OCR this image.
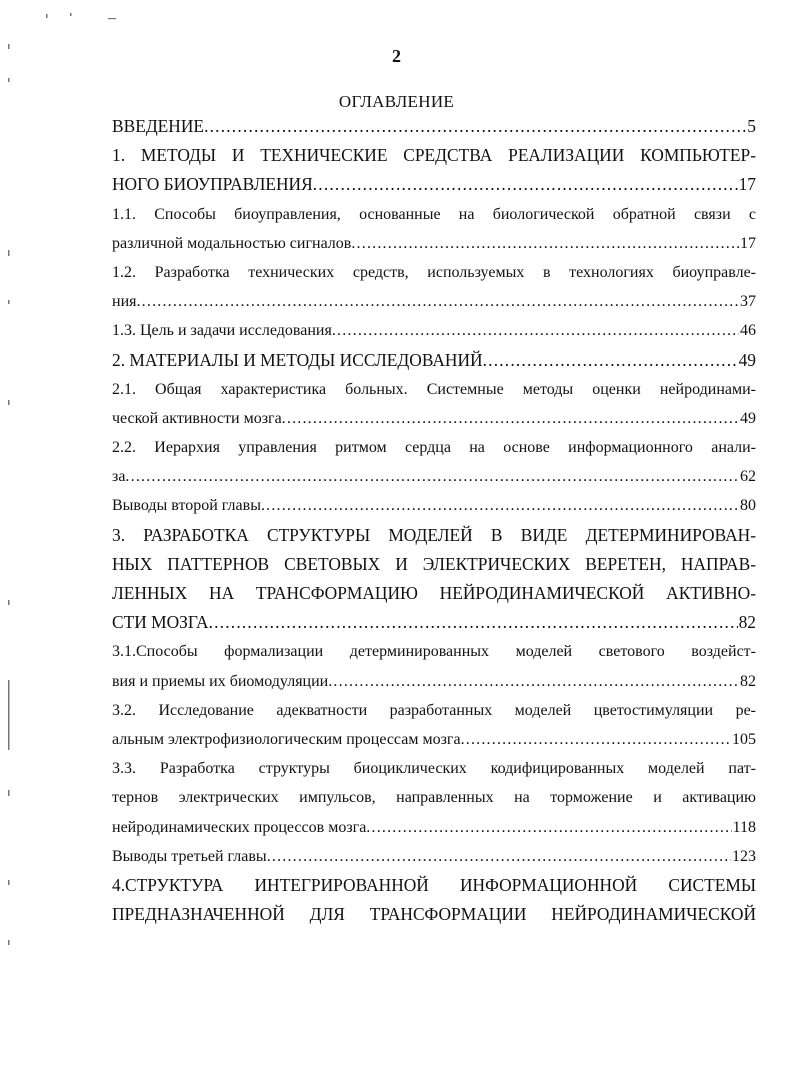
2
ОГЛАВЛЕНИЕ
ВВЕДЕНИЕ .....	5
1. МЕТОДЫ И ТЕХНИЧЕСКИЕ СРЕДСТВА РЕАЛИЗАЦИИ КОМПЬЮТЕР-
НОГО БИОУПРАВЛЕНИЯ .....	17
1.1. Способы биоуправления, основанные на биологической обратной связи с
различной модальностью сигналов .....	17
1.2. Разработка технических средств, используемых в технологиях биоуправле-
ния .....	37
1.3. Цель и задачи исследования .....	46
2. МАТЕРИАЛЫ И МЕТОДЫ ИССЛЕДОВАНИЙ .....	49
2.1. Общая характеристика больных. Системные методы оценки нейродинами-
ческой активности мозга .....	49
2.2. Иерархия управления ритмом сердца на основе информационного анали-
за .....	62
Выводы второй главы .....	80
3. РАЗРАБОТКА СТРУКТУРЫ МОДЕЛЕЙ В ВИДЕ ДЕТЕРМИНИРОВАН-
НЫХ ПАТТЕРНОВ СВЕТОВЫХ И ЭЛЕКТРИЧЕСКИХ ВЕРЕТЕН, НАПРАВ-
ЛЕННЫХ НА ТРАНСФОРМАЦИЮ НЕЙРОДИНАМИЧЕСКОЙ АКТИВНО-
СТИ МОЗГА .....	82
3.1.Способы формализации детерминированных моделей светового воздейст-
вия и приемы их биомодуляции .....	82
3.2. Исследование адекватности разработанных моделей цветостимуляции ре-
альным электрофизиологическим процессам мозга .....	105
3.3. Разработка структуры биоциклических кодифицированных моделей пат-
тернов электрических импульсов, направленных на торможение и активацию
нейродинамических процессов мозга .....	118
Выводы третьей главы .....	123
4.СТРУКТУРА ИНТЕГРИРОВАННОЙ ИНФОРМАЦИОННОЙ СИСТЕМЫ
ПРЕДНАЗНАЧЕННОЙ ДЛЯ ТРАНСФОРМАЦИИ НЕЙРОДИНАМИЧЕСКОЙ
